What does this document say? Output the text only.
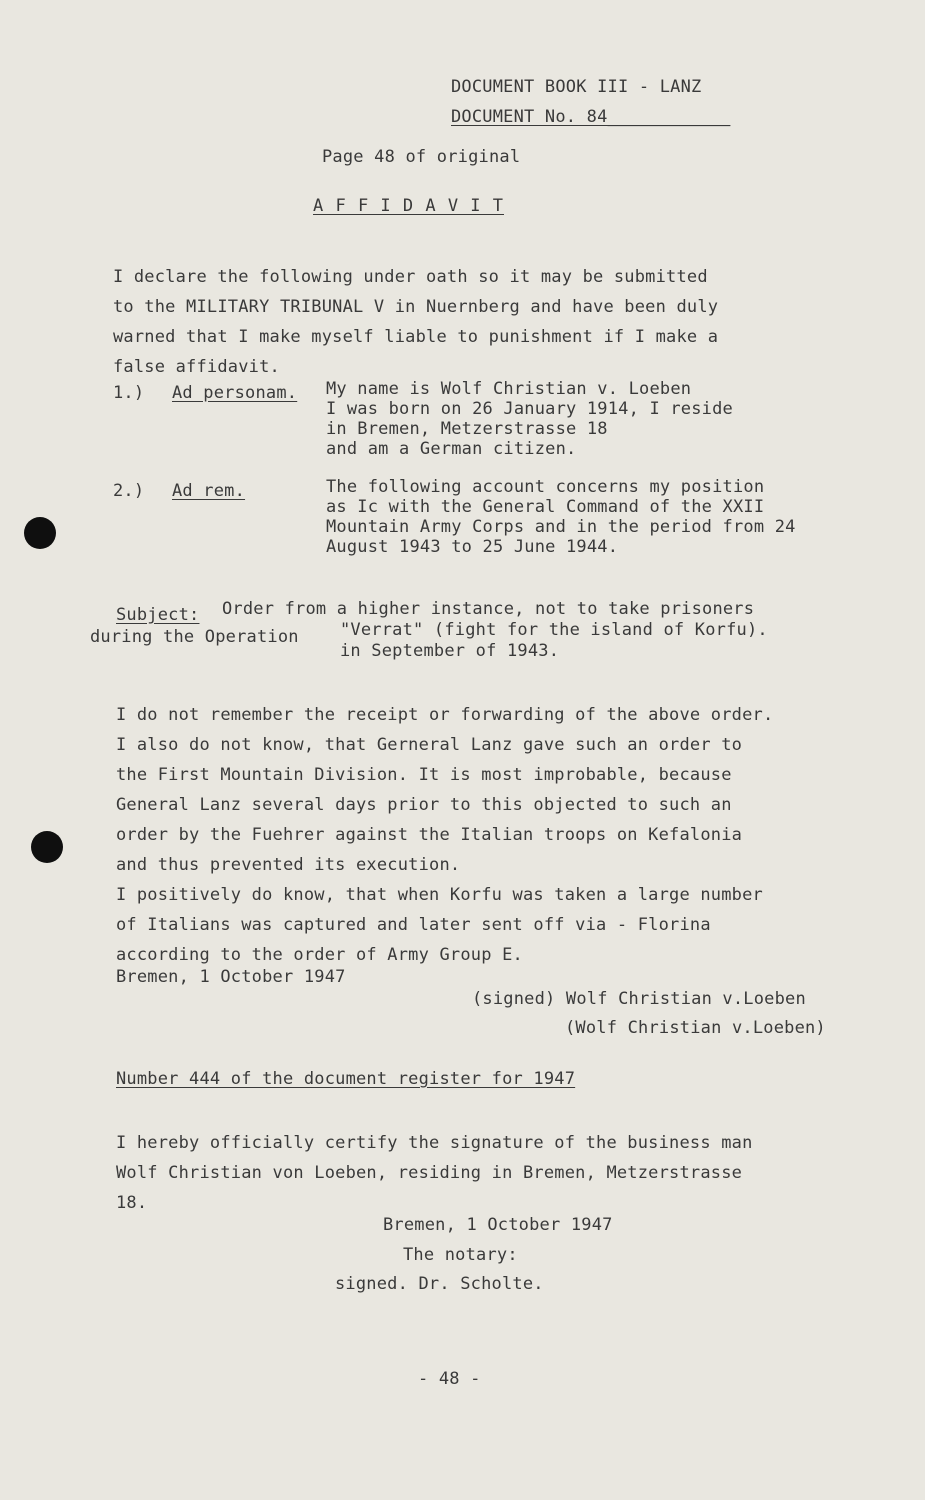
DOCUMENT BOOK III - LANZ
DOCUMENT No. 84____________
Page 48 of original
A F F I D A V I T
I declare the following under oath so it may be submitted
to the MILITARY TRIBUNAL V in Nuernberg and have been duly
warned that I make myself liable to punishment if I make a
false affidavit.
1.) Ad personam. My name is Wolf Christian v. Loeben
I was born on 26 January 1914, I reside
in Bremen, Metzerstrasse 18
and am a German citizen.
2.) Ad rem.	The following account concerns my position
as Ic with the General Command of the XXII
Mountain Army Corps and in the period from 24
August 1943 to 25 June 1944.
Subject: Order from a higher instance, not to take prisoners
during the Operation "Verrat" (fight for the island of Korfu).
in September of 1943.
I do not remember the receipt or forwarding of the above order.
I also do not know, that Gerneral Lanz gave such an order to
the First Mountain Division. It is most improbable, because
General Lanz several days prior to this objected to such an
order by the Fuehrer against the Italian troops on Kefalonia
and thus prevented its execution.
I positively do know, that when Korfu was taken a large number
of Italians was captured and later sent off via - Florina
according to the order of Army Group E.
Bremen, 1 October 1947
(signed) Wolf Christian v.Loeben
(Wolf Christian v.Loeben)
Number 444 of the document register for 1947
I hereby officially certify the signature of the business man
Wolf Christian von Loeben, residing in Bremen, Metzerstrasse
18.
Bremen, 1 October 1947
The notary:
signed. Dr. Scholte.
- 48 -
